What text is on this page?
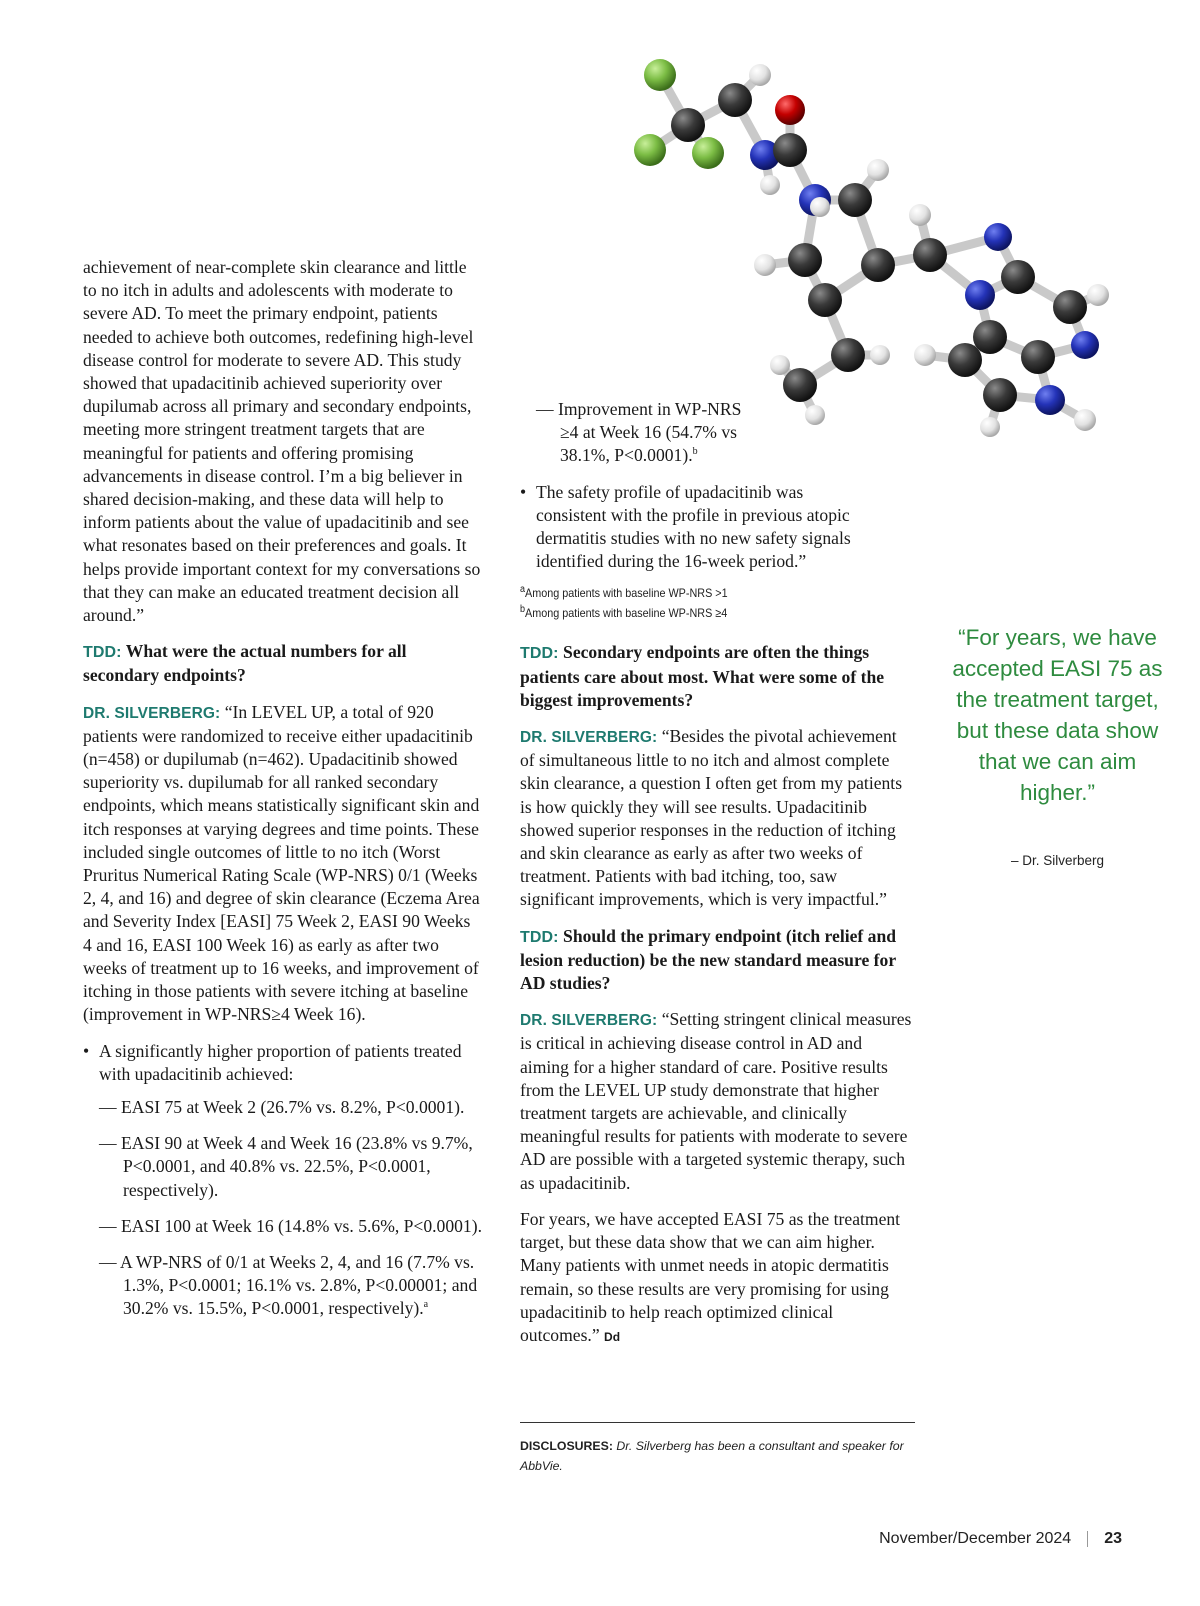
achievement of near-complete skin clearance and little to no itch in adults and adolescents with moderate to severe AD. To meet the primary endpoint, patients needed to achieve both outcomes, redefining high-level disease control for moderate to severe AD. This study showed that upadacitinib achieved superiority over dupilumab across all primary and secondary endpoints, meeting more stringent treatment targets that are meaningful for patients and offering promising advancements in disease control. I’m a big believer in shared decision-making, and these data will help to inform patients about the value of upadacitinib and see what resonates based on their preferences and goals. It helps provide important context for my conversations so that they can make an educated treatment decision all around.”

TDD: What were the actual numbers for all secondary endpoints?

DR. SILVERBERG: “In LEVEL UP, a total of 920 patients were randomized to receive either upadacitinib (n=458) or dupilumab (n=462). Upadacitinib showed superiority vs. dupilumab for all ranked secondary endpoints, which means statistically significant skin and itch responses at varying degrees and time points. These included single outcomes of little to no itch (Worst Pruritus Numerical Rating Scale (WP-NRS) 0/1 (Weeks 2, 4, and 16) and degree of skin clearance (Eczema Area and Severity Index [EASI] 75 Week 2, EASI 90 Weeks 4 and 16, EASI 100 Week 16) as early as after two weeks of treatment up to 16 weeks, and improvement of itching in those patients with severe itching at baseline (improvement in WP-NRS≥4 Week 16).

• A significantly higher proportion of patients treated with upadacitinib achieved:

— EASI 75 at Week 2 (26.7% vs. 8.2%, P<0.0001).

— EASI 90 at Week 4 and Week 16 (23.8% vs 9.7%, P<0.0001, and 40.8% vs. 22.5%, P<0.0001, respectively).

— EASI 100 at Week 16 (14.8% vs. 5.6%, P<0.0001).

— A WP-NRS of 0/1 at Weeks 2, 4, and 16 (7.7% vs. 1.3%, P<0.0001; 16.1% vs. 2.8%, P<0.00001; and 30.2% vs. 15.5%, P<0.0001, respectively).$^a$

— Improvement in WP-NRS ≥4 at Week 16 (54.7% vs 38.1%, P<0.0001).$^b$

• The safety profile of upadacitinib was consistent with the profile in previous atopic dermatitis studies with no new safety signals identified during the 16-week period.”
$^a$Among patients with baseline WP-NRS >1
$^b$Among patients with baseline WP-NRS ≥4

TDD: Secondary endpoints are often the things patients care about most. What were some of the biggest improvements?

DR. SILVERBERG: “Besides the pivotal achievement of simultaneous little to no itch and almost complete skin clearance, a question I often get from my patients is how quickly they will see results. Upadacitinib showed superior responses in the reduction of itching and skin clearance as early as after two weeks of treatment. Patients with bad itching, too, saw significant improvements, which is very impactful.”

TDD: Should the primary endpoint (itch relief and lesion reduction) be the new standard measure for AD studies?

DR. SILVERBERG: “Setting stringent clinical measures is critical in achieving disease control in AD and aiming for a higher standard of care. Positive results from the LEVEL UP study demonstrate that higher treatment targets are achievable, and clinically meaningful results for patients with moderate to severe AD are possible with a targeted systemic therapy, such as upadacitinib.

For years, we have accepted EASI 75 as the treatment target, but these data show that we can aim higher. Many patients with unmet needs in atopic dermatitis remain, so these results are very promising for using upadacitinib to help reach optimized clinical outcomes.” Dd

DISCLOSURES: Dr. Silverberg has been a consultant and speaker for AbbVie.
“For years, we have accepted EASI 75 as the treatment target, but these data show that we can aim higher.”
– Dr. Silverberg
November/December 2024 23
